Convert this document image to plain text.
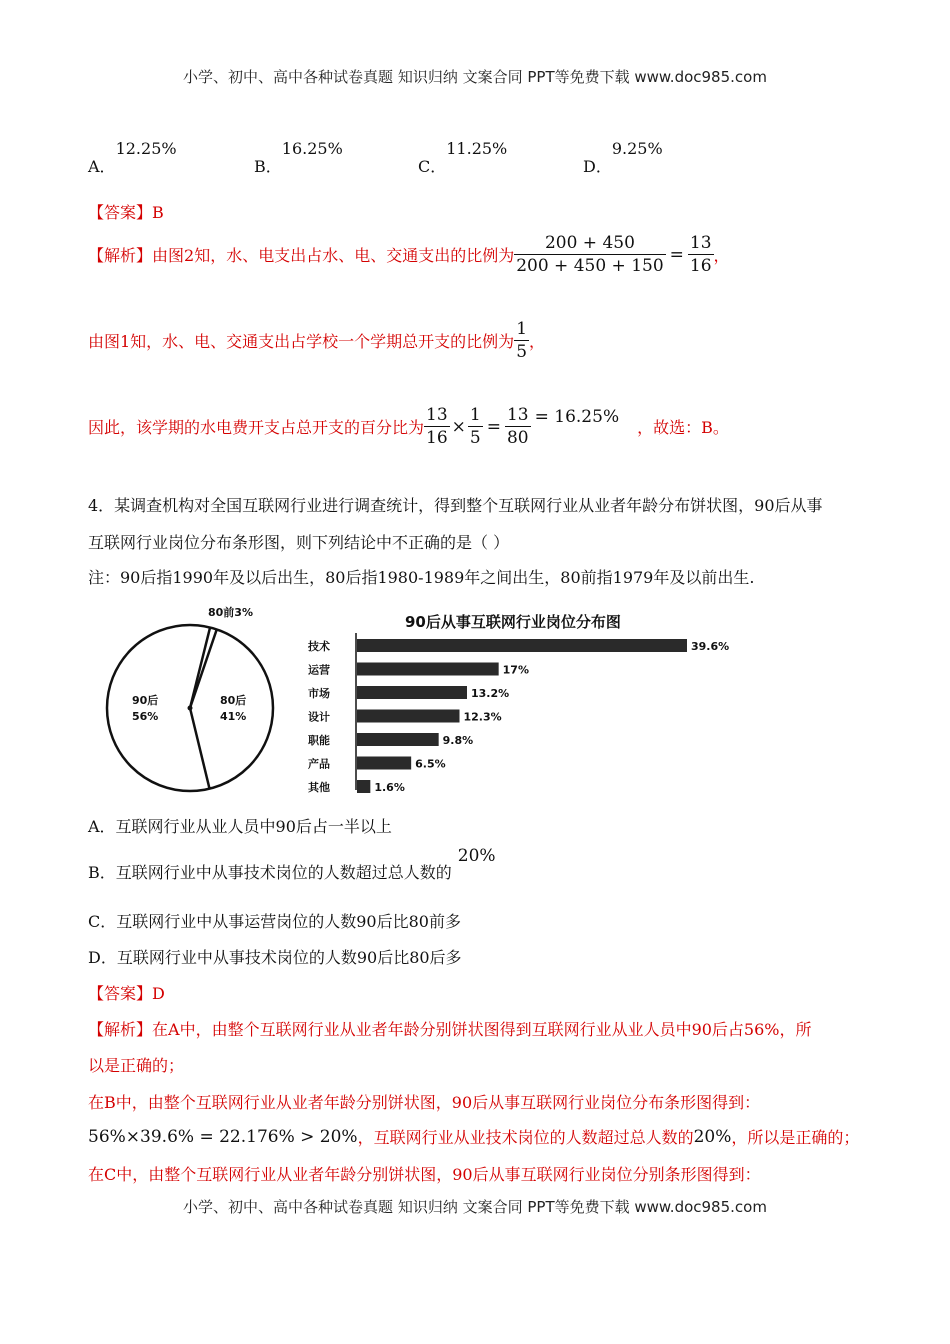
小学、初中、高中各种试卷真题 知识归纳 文案合同 PPT等免费下载 www.doc985.com
A．12.25%
B．16.25%
C．11.25%
D．9.25%
【答案】B
【解析】 由图2知，水、电支出占水、电、交通支出的比例为 $\frac{200 + 450}{200 + 450 + 150} = \frac{13}{16}$ ，
由图1知，水、电、交通支出占学校一个学期总开支的比例为 $\frac{1}{5}$ ，
因此，该学期的水电费开支占总开支的百分比为 $\frac{13}{16} \times \frac{1}{5} = \frac{13}{80} = 16.25\%$
，故选：B。
4．某调查机构对全国互联网行业进行调查统计，得到整个互联网行业从业者年龄分布饼状图，90后从事
互联网行业岗位分布条形图，则下列结论中不正确的是（ ）
注：90后指1990年及以后出生，80后指1980-1989年之间出生，80前指1979年及以前出生.
90后
56%
80后
41%
80前3%
90后从事互联网行业岗位分布图
技术	39.6%
运营	17%
市场	13.2%
设计	12.3%
职能	9.8%
产品	6.5%
其他	1.6%
A．互联网行业从业人员中90后占一半以上
B．互联网行业中从事技术岗位的人数超过总人数的
20%
C．互联网行业中从事运营岗位的人数90后比80前多
D．互联网行业中从事技术岗位的人数90后比80后多
【答案】D
【解析】在A中，由整个互联网行业从业者年龄分别饼状图得到互联网行业从业人员中90后占56%，所
以是正确的；
在B中，由整个互联网行业从业者年龄分别饼状图，90后从事互联网行业岗位分布条形图得到：
56%×39.6% = 22.176% > 20% ，互联网行业从业技术岗位的人数超过总人数的 20% ，所以是正确的；
在C中，由整个互联网行业从业者年龄分别饼状图，90后从事互联网行业岗位分别条形图得到：
小学、初中、高中各种试卷真题 知识归纳 文案合同 PPT等免费下载 www.doc985.com
